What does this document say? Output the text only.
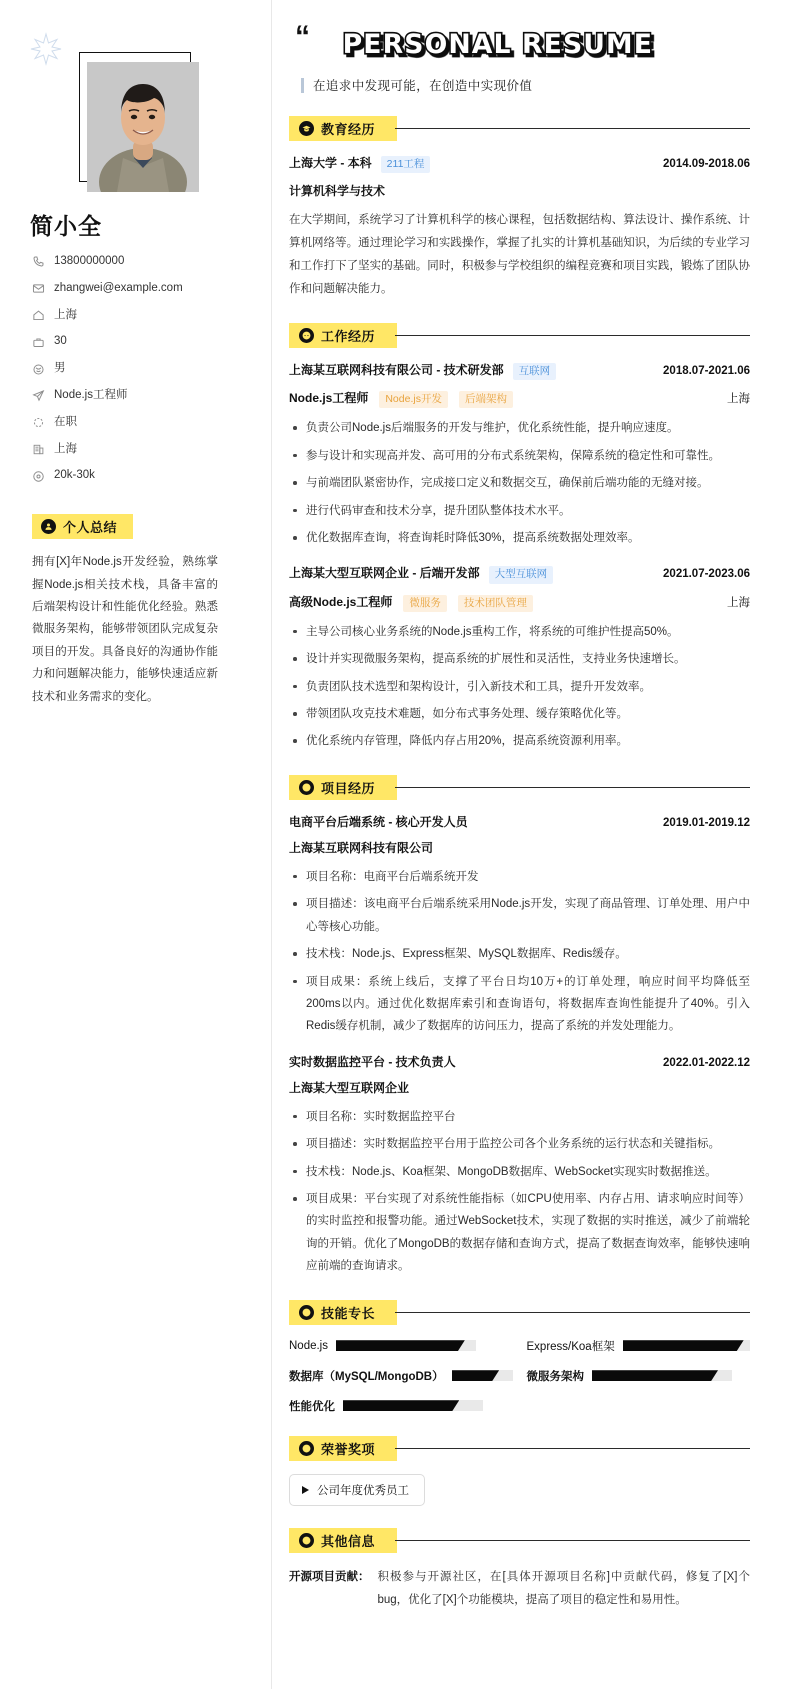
简小全
13800000000
zhangwei@example.com
上海
30
男
Node.js工程师
在职
上海
20k-30k
个人总结

拥有[X]年Node.js开发经验，熟练掌握Node.js相关技术栈，具备丰富的后端架构设计和性能优化经验。熟悉微服务架构，能够带领团队完成复杂项目的开发。具备良好的沟通协作能力和问题解决能力，能够快速适应新技术和业务需求的变化。

“ PERSONAL RESUME
在追求中发现可能，在创造中实现价值
教育经历
上海大学 - 本科	211工程	2014.09-2018.06
计算机科学与技术

在大学期间，系统学习了计算机科学的核心课程，包括数据结构、算法设计、操作系统、计算机网络等。通过理论学习和实践操作，掌握了扎实的计算机基础知识，为后续的专业学习和工作打下了坚实的基础。同时，积极参与学校组织的编程竞赛和项目实践，锻炼了团队协作和问题解决能力。

工作经历
上海某互联网科技有限公司 - 技术研发部	互联网	2018.07-2021.06
Node.js工程师	Node.js开发	后端架构	上海
负责公司Node.js后端服务的开发与维护，优化系统性能，提升响应速度。
参与设计和实现高并发、高可用的分布式系统架构，保障系统的稳定性和可靠性。
与前端团队紧密协作，完成接口定义和数据交互，确保前后端功能的无缝对接。
进行代码审查和技术分享，提升团队整体技术水平。
优化数据库查询，将查询耗时降低30%，提高系统数据处理效率。
上海某大型互联网企业 - 后端开发部	大型互联网	2021.07-2023.06
高级Node.js工程师	微服务	技术团队管理	上海
主导公司核心业务系统的Node.js重构工作，将系统的可维护性提高50%。
设计并实现微服务架构，提高系统的扩展性和灵活性，支持业务快速增长。
负责团队技术选型和架构设计，引入新技术和工具，提升开发效率。
带领团队攻克技术难题，如分布式事务处理、缓存策略优化等。
优化系统内存管理，降低内存占用20%，提高系统资源利用率。
项目经历
电商平台后端系统 - 核心开发人员	2019.01-2019.12
上海某互联网科技有限公司
项目名称：电商平台后端系统开发
项目描述：该电商平台后端系统采用Node.js开发，实现了商品管理、订单处理、用户中心等核心功能。
技术栈：Node.js、Express框架、MySQL数据库、Redis缓存。
项目成果：系统上线后，支撑了平台日均10万+的订单处理，响应时间平均降低至200ms以内。通过优化数据库索引和查询语句，将数据库查询性能提升了40%。引入Redis缓存机制，减少了数据库的访问压力，提高了系统的并发处理能力。
实时数据监控平台 - 技术负责人	2022.01-2022.12
上海某大型互联网企业
项目名称：实时数据监控平台
项目描述：实时数据监控平台用于监控公司各个业务系统的运行状态和关键指标。
技术栈：Node.js、Koa框架、MongoDB数据库、WebSocket实现实时数据推送。
项目成果：平台实现了对系统性能指标（如CPU使用率、内存占用、请求响应时间等）的实时监控和报警功能。通过WebSocket技术，实现了数据的实时推送，减少了前端轮询的开销。优化了MongoDB的数据存储和查询方式，提高了数据查询效率，能够快速响应前端的查询请求。
技能专长
Node.js	Express/Koa框架
数据库（MySQL/MongoDB）	微服务架构
性能优化
荣誉奖项
公司年度优秀员工
其他信息
开源项目贡献： 积极参与开源社区，在[具体开源项目名称]中贡献代码，修复了[X]个bug，优化了[X]个功能模块，提高了项目的稳定性和易用性。
